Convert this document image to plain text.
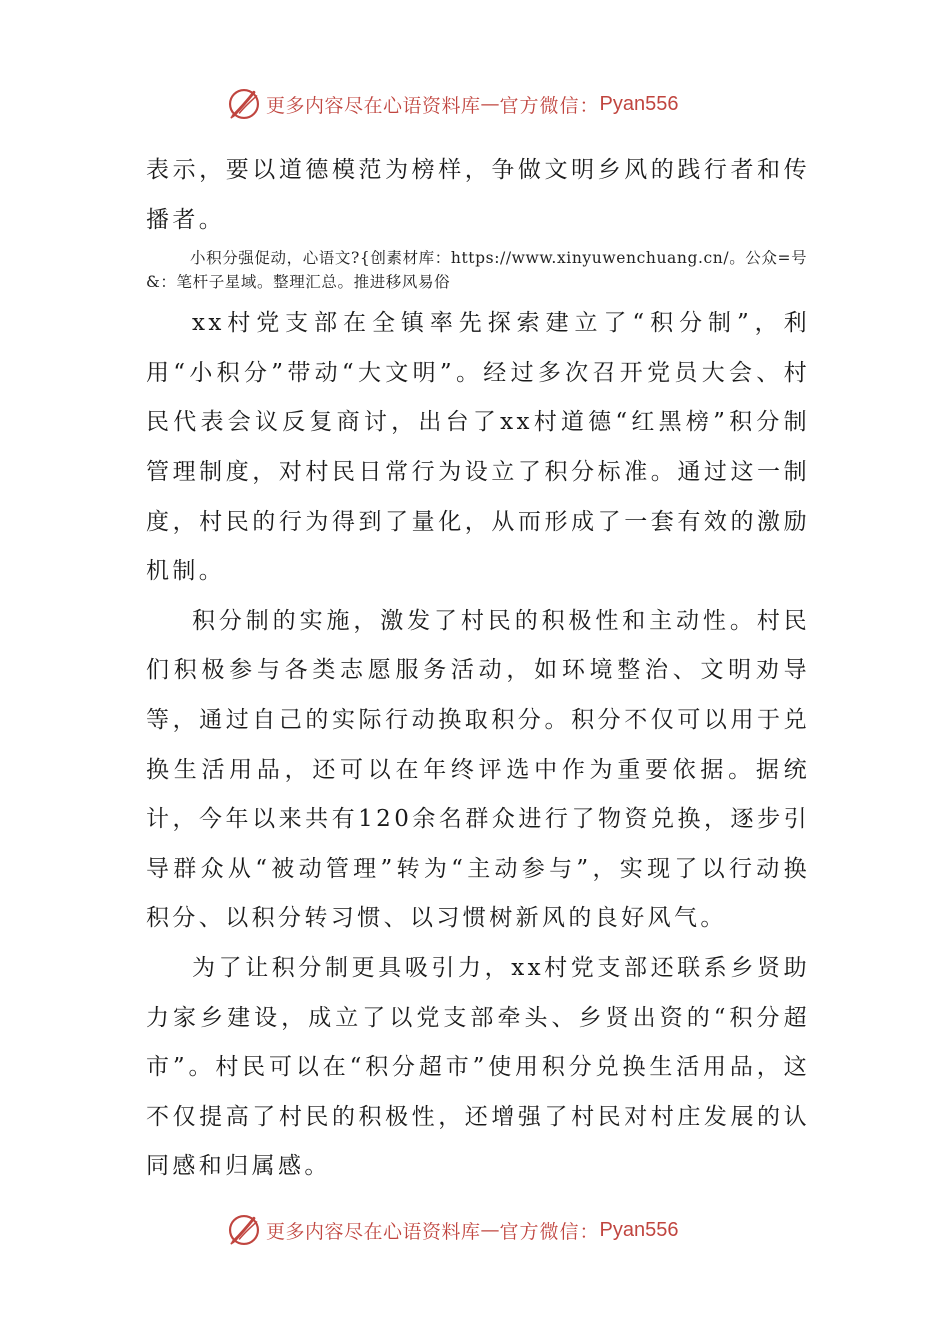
更多内容尽在心语资料库 — 官方微信： Pyan556

表示，要以道德模范为榜样，争做文明乡风的践行者和传播者。

小积分强促动，心语文?{创素材库：https://www.xinyuwenchuang.cn/。公众=号&：笔杆子星域。整理汇总。推进移风易俗

xx村党支部在全镇率先探索建立了“积分制”，利用“小积分”带动“大文明”。经过多次召开党员大会、村民代表会议反复商讨，出台了xx村道德“红黑榜”积分制管理制度，对村民日常行为设立了积分标准。通过这一制度，村民的行为得到了量化，从而形成了一套有效的激励机制。

积分制的实施，激发了村民的积极性和主动性。村民们积极参与各类志愿服务活动，如环境整治、文明劝导等，通过自己的实际行动换取积分。积分不仅可以用于兑换生活用品，还可以在年终评选中作为重要依据。据统计，今年以来共有120余名群众进行了物资兑换，逐步引导群众从“被动管理”转为“主动参与”，实现了以行动换积分、以积分转习惯、以习惯树新风的良好风气。

为了让积分制更具吸引力，xx村党支部还联系乡贤助力家乡建设，成立了以党支部牵头、乡贤出资的“积分超市”。村民可以在“积分超市”使用积分兑换生活用品，这不仅提高了村民的积极性，还增强了村民对村庄发展的认同感和归属感。

更多内容尽在心语资料库 — 官方微信： Pyan556
